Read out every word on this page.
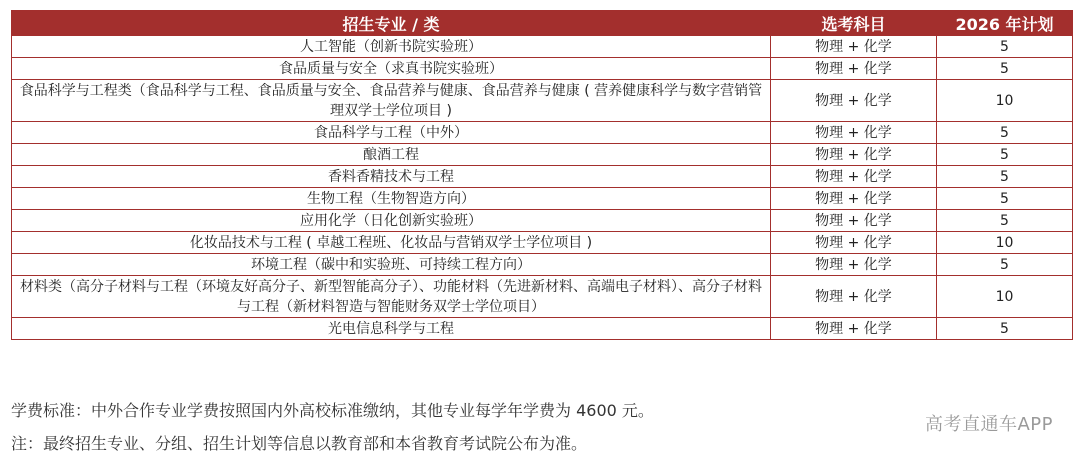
招生专业 / 类	选考科目	2026 年计划
人工智能（创新书院实验班）	物理 + 化学	5
食品质量与安全（求真书院实验班）	物理 + 化学	5
食品科学与工程类（食品科学与工程、食品质量与安全、食品营养与健康、食品营养与健康 ( 营养健康科学与数字营销管理双学士学位项目 )	物理 + 化学	10
食品科学与工程（中外）	物理 + 化学	5
酿酒工程	物理 + 化学	5
香料香精技术与工程	物理 + 化学	5
生物工程（生物智造方向）	物理 + 化学	5
应用化学（日化创新实验班）	物理 + 化学	5
化妆品技术与工程 ( 卓越工程班、化妆品与营销双学士学位项目 )	物理 + 化学	10
环境工程（碳中和实验班、可持续工程方向）	物理 + 化学	5
材料类（高分子材料与工程（环境友好高分子、新型智能高分子）、功能材料（先进新材料、高端电子材料）、高分子材料与工程（新材料智造与智能财务双学士学位项目）	物理 + 化学	10
光电信息科学与工程	物理 + 化学	5
学费标准：中外合作专业学费按照国内外高校标准缴纳，其他专业每学年学费为 4600 元。
注：最终招生专业、分组、招生计划等信息以教育部和本省教育考试院公布为准。
高考直通车APP
